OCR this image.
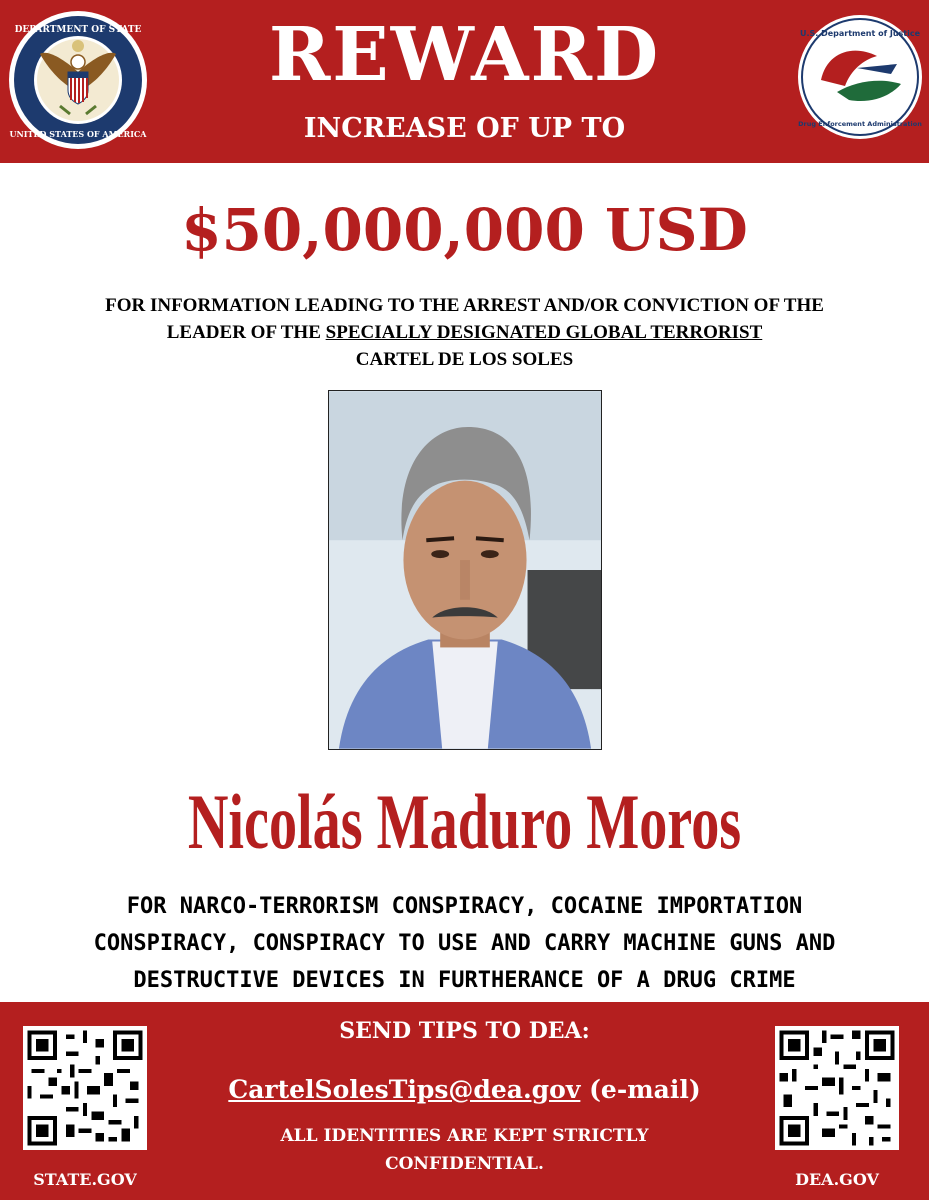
DEPARTMENT OF STATE
UNITED STATES OF AMERICA
REWARD
INCREASE OF UP TO
U.S. Department of Justice
Drug Enforcement Administration
$50,000,000 USD
FOR INFORMATION LEADING TO THE ARREST AND/OR CONVICTION OF THE
LEADER OF THE SPECIALLY DESIGNATED GLOBAL TERRORIST
CARTEL DE LOS SOLES
Nicolás Maduro Moros
FOR NARCO-TERRORISM CONSPIRACY, COCAINE IMPORTATION
CONSPIRACY, CONSPIRACY TO USE AND CARRY MACHINE GUNS AND
DESTRUCTIVE DEVICES IN FURTHERANCE OF A DRUG CRIME
STATE.GOV
SEND TIPS TO DEA:
CartelSolesTips@dea.gov (e-mail)
ALL IDENTITIES ARE KEPT STRICTLY
CONFIDENTIAL.
DEA.GOV
